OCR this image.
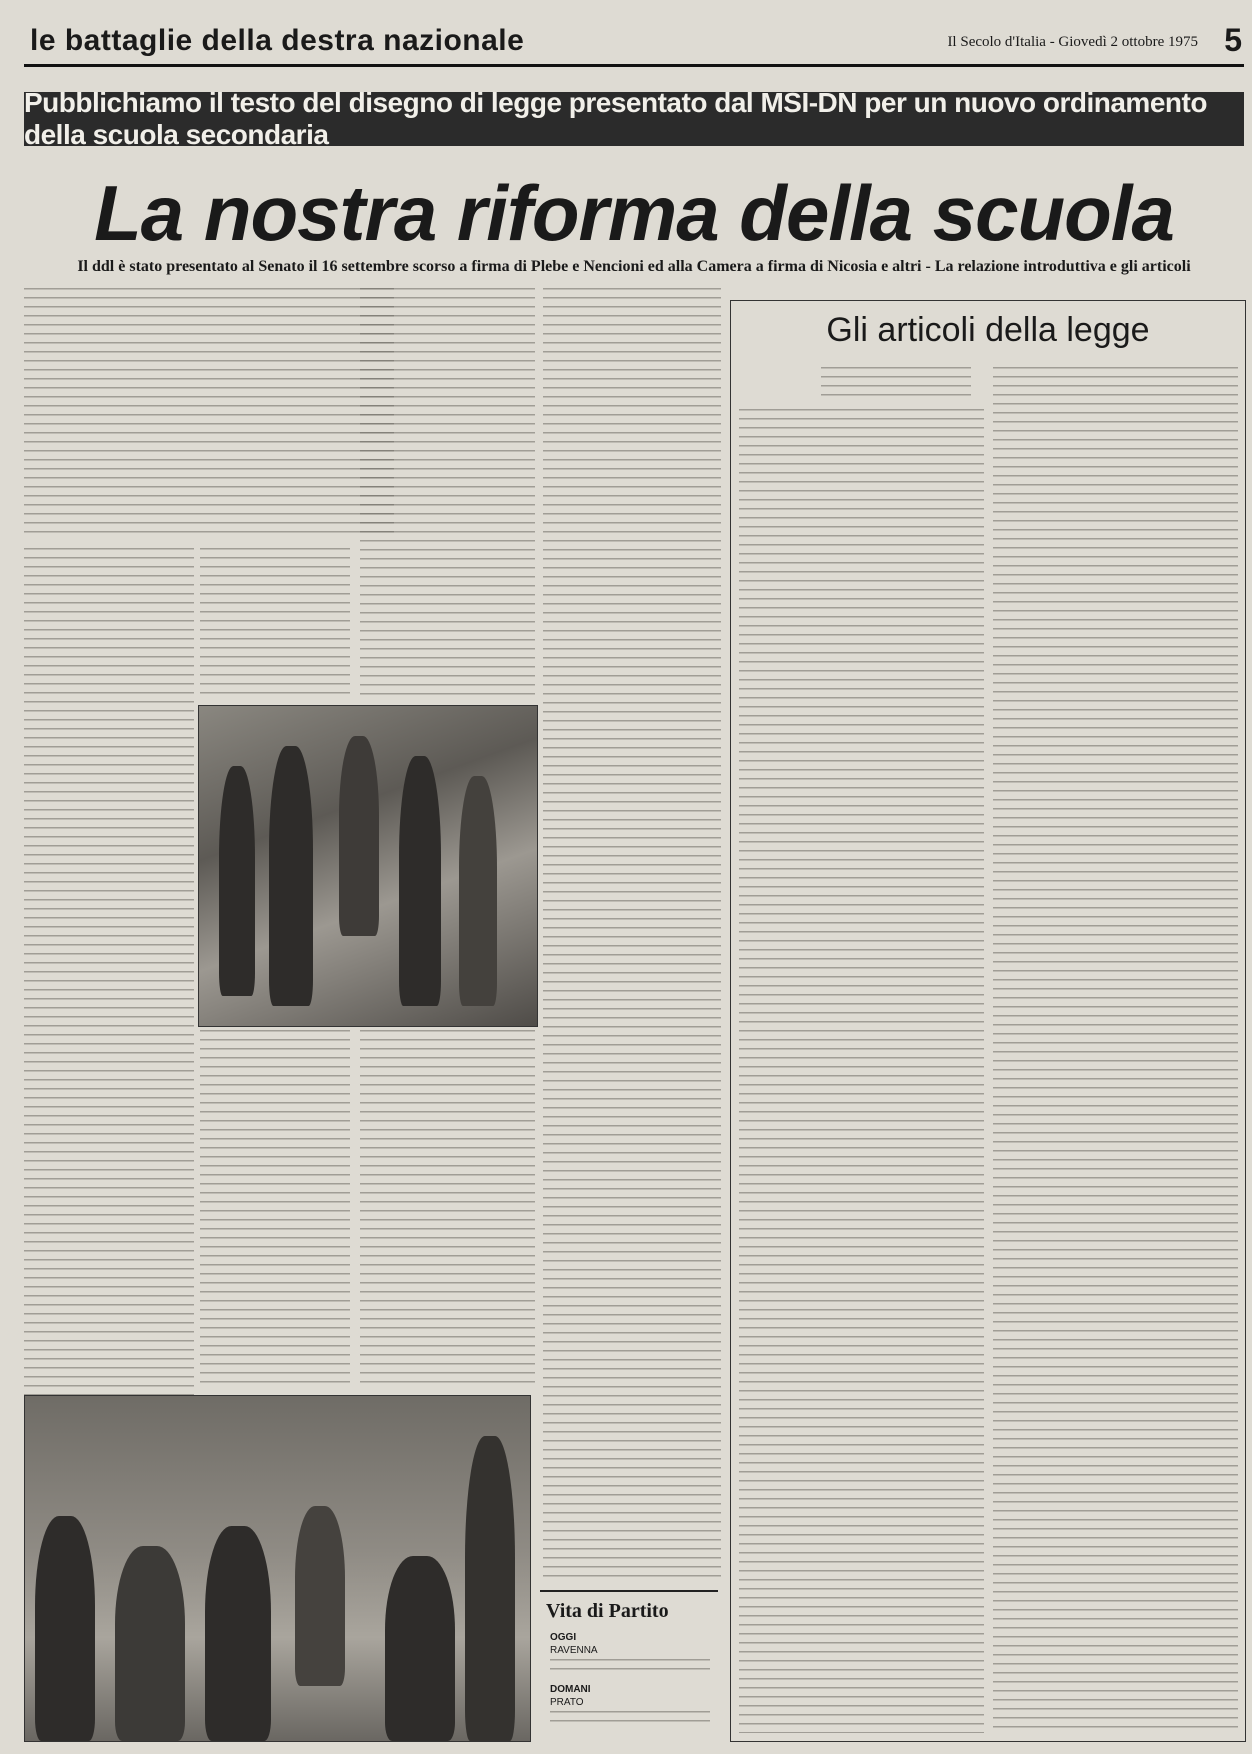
le battaglie della destra nazionale	Il Secolo d'Italia - Giovedì 2 ottobre 1975 5
Pubblichiamo il testo del disegno di legge presentato dal MSI-DN per un nuovo ordinamento della scuola secondaria
La nostra riforma della scuola
Il ddl è stato presentato al Senato il 16 settembre scorso a firma di Plebe e Nencioni ed alla Camera a firma di Nicosia e altri - La relazione introduttiva e gli articoli
Gli articoli della legge
Vita di Partito
OGGI
RAVENNA
DOMANI
PRATO
